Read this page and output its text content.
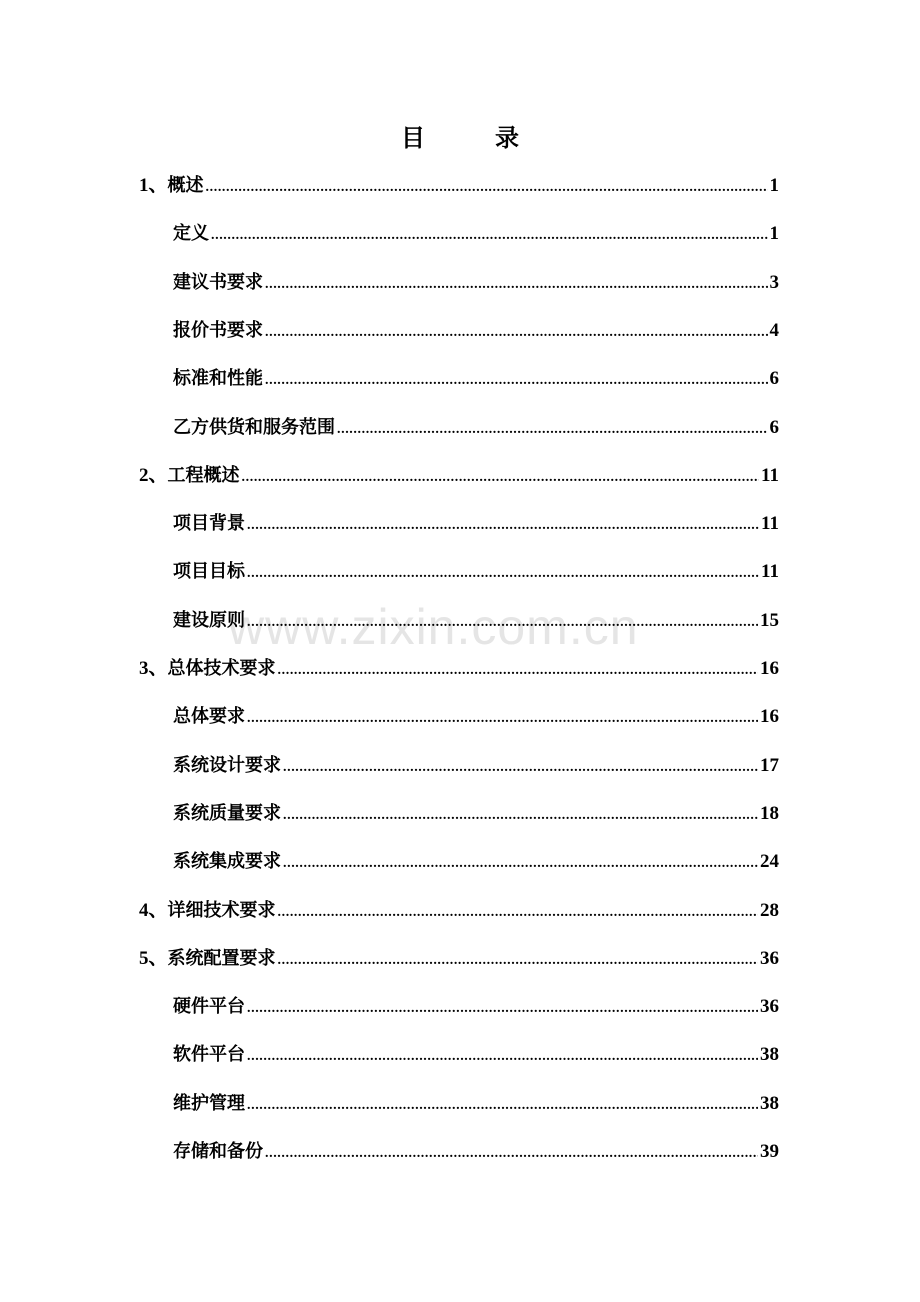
目	录
www.zixin.com.cn
1、 概述 .....	1
定义 .....	1
建议书要求 .....	3
报价书要求 .....	4
标准和性能 .....	6
乙方供货和服务范围 .....	6
2、 工程概述 .....	11
项目背景 .....	11
项目目标 .....	11
建设原则 .....	15
3、 总体技术要求 .....	16
总体要求 .....	16
系统设计要求 .....	17
系统质量要求 .....	18
系统集成要求 .....	24
4、 详细技术要求 .....	28
5、 系统配置要求 .....	36
硬件平台 .....	36
软件平台 .....	38
维护管理 .....	38
存储和备份 .....	39
